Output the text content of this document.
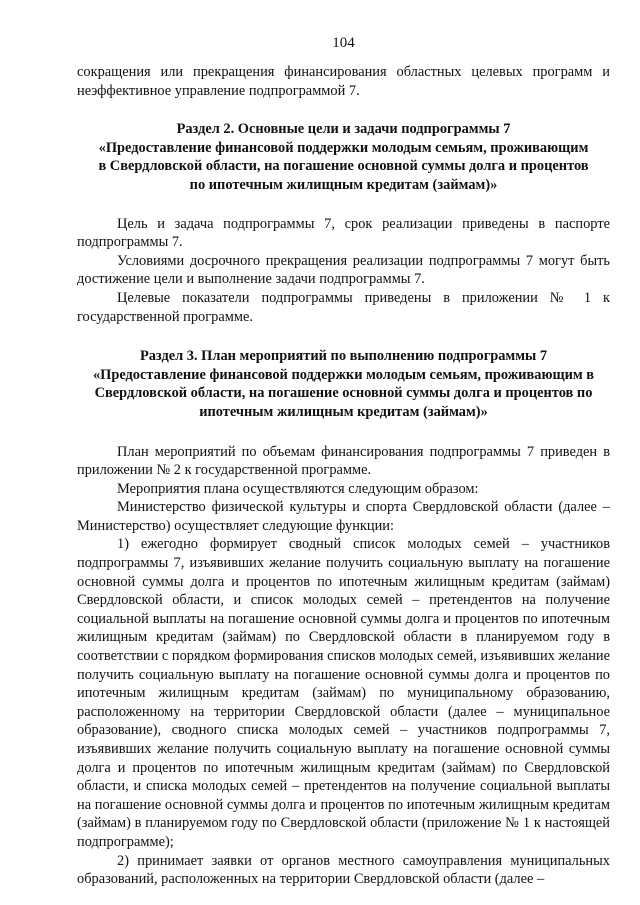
104

сокращения или прекращения финансирования областных целевых программ и неэффективное управление подпрограммой 7.

Раздел 2. Основные цели и задачи подпрограммы 7
«Предоставление финансовой поддержки молодым семьям, проживающим
в Свердловской области, на погашение основной суммы долга и процентов
по ипотечным жилищным кредитам (займам)»

Цель и задача подпрограммы 7, срок реализации приведены в паспорте подпрограммы 7.

Условиями досрочного прекращения реализации подпрограммы 7 могут быть достижение цели и выполнение задачи подпрограммы 7.

Целевые показатели подпрограммы приведены в приложении № 1 к государственной программе.

Раздел 3. План мероприятий по выполнению подпрограммы 7
«Предоставление финансовой поддержки молодым семьям, проживающим в
Свердловской области, на погашение основной суммы долга и процентов по
ипотечным жилищным кредитам (займам)»

План мероприятий по объемам финансирования подпрограммы 7 приведен в приложении № 2 к государственной программе.

Мероприятия плана осуществляются следующим образом:

Министерство физической культуры и спорта Свердловской области (далее – Министерство) осуществляет следующие функции:

1) ежегодно формирует сводный список молодых семей – участников подпрограммы 7, изъявивших желание получить социальную выплату на погашение основной суммы долга и процентов по ипотечным жилищным кредитам (займам) Свердловской области, и список молодых семей – претендентов на получение социальной выплаты на погашение основной суммы долга и процентов по ипотечным жилищным кредитам (займам) по Свердловской области в планируемом году в соответствии с порядком формирования списков молодых семей, изъявивших желание получить социальную выплату на погашение основной суммы долга и процентов по ипотечным жилищным кредитам (займам) по муниципальному образованию, расположенному на территории Свердловской области (далее – муниципальное образование), сводного списка молодых семей – участников подпрограммы 7, изъявивших желание получить социальную выплату на погашение основной суммы долга и процентов по ипотечным жилищным кредитам (займам) по Свердловской области, и списка молодых семей – претендентов на получение социальной выплаты на погашение основной суммы долга и процентов по ипотечным жилищным кредитам (займам) в планируемом году по Свердловской области (приложение № 1 к настоящей подпрограмме);

2) принимает заявки от органов местного самоуправления муниципальных образований, расположенных на территории Свердловской области (далее –
